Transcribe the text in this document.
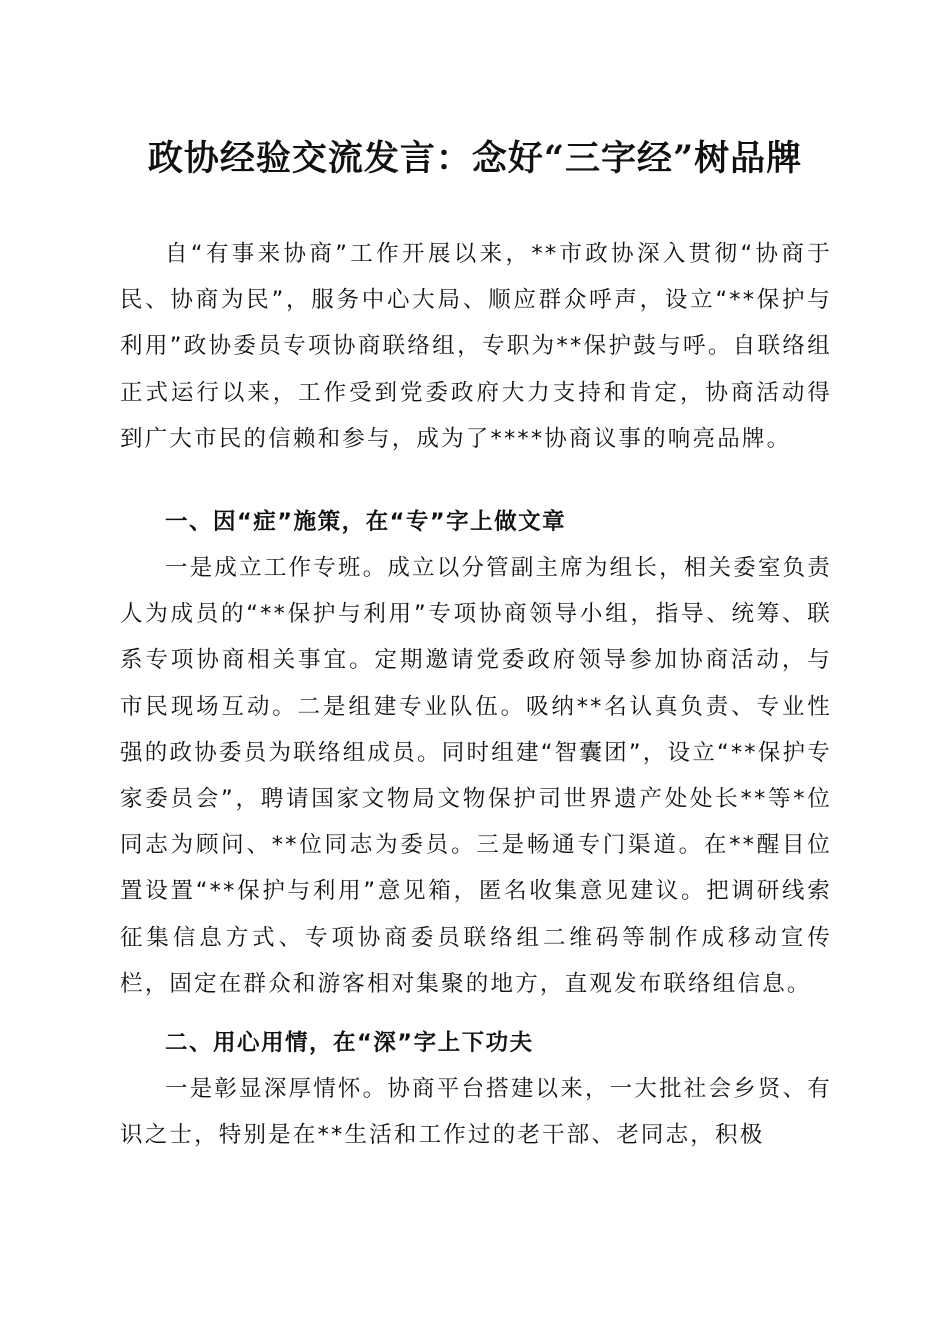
政协经验交流发言：念好“三字经”树品牌

自“有事来协商”工作开展以来，**市政协深入贯彻“协商于民、协商为民”，服务中心大局、顺应群众呼声，设立“**保护与利用”政协委员专项协商联络组，专职为**保护鼓与呼。自联络组正式运行以来，工作受到党委政府大力支持和肯定，协商活动得到广大市民的信赖和参与，成为了****协商议事的响亮品牌。

一、因“症”施策，在“专”字上做文章

一是成立工作专班。成立以分管副主席为组长，相关委室负责人为成员的“**保护与利用”专项协商领导小组，指导、统筹、联系专项协商相关事宜。定期邀请党委政府领导参加协商活动，与市民现场互动。二是组建专业队伍。吸纳**名认真负责、专业性强的政协委员为联络组成员。同时组建“智囊团”，设立“**保护专家委员会”，聘请国家文物局文物保护司世界遗产处处长**等*位同志为顾问、**位同志为委员。三是畅通专门渠道。在**醒目位置设置“**保护与利用”意见箱，匿名收集意见建议。把调研线索征集信息方式、专项协商委员联络组二维码等制作成移动宣传栏，固定在群众和游客相对集聚的地方，直观发布联络组信息。

二、用心用情，在“深”字上下功夫

一是彰显深厚情怀。协商平台搭建以来，一大批社会乡贤、有识之士，特别是在**生活和工作过的老干部、老同志，积极
